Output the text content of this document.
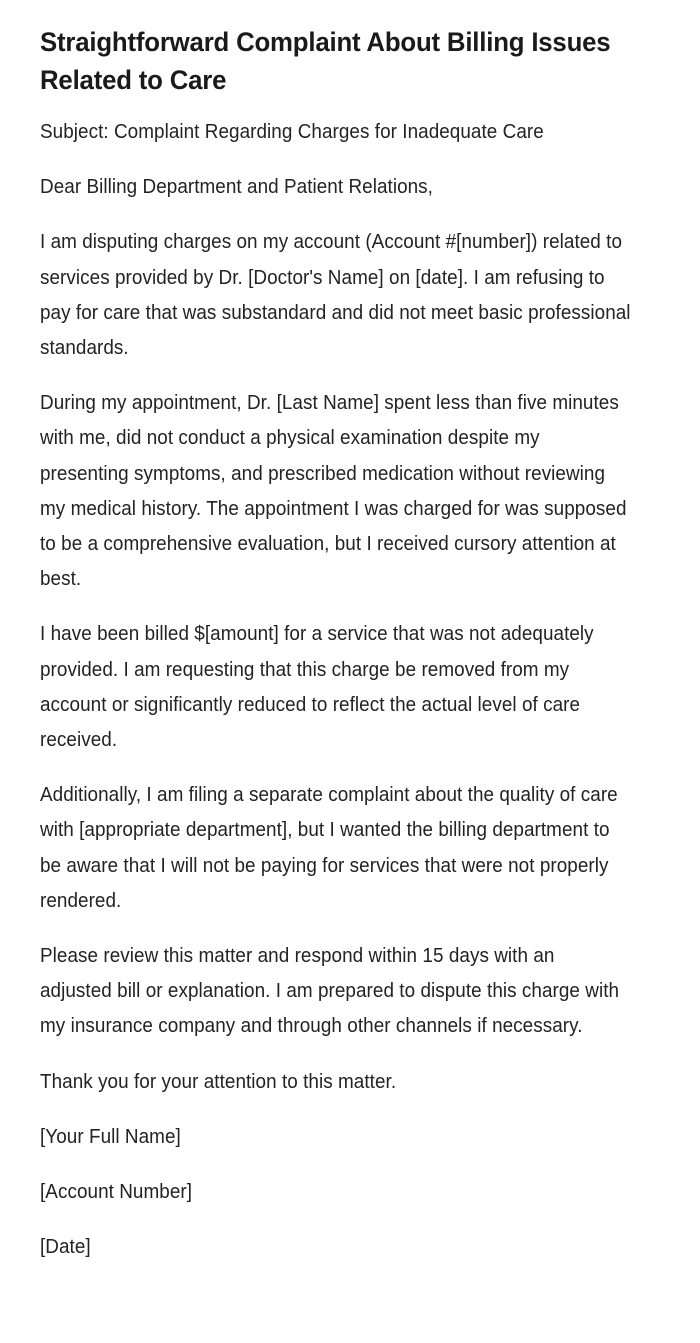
Straightforward Complaint About Billing Issues Related to Care

Subject: Complaint Regarding Charges for Inadequate Care

Dear Billing Department and Patient Relations,

I am disputing charges on my account (Account #[number]) related to services provided by Dr. [Doctor's Name] on [date]. I am refusing to pay for care that was substandard and did not meet basic professional standards.

During my appointment, Dr. [Last Name] spent less than five minutes with me, did not conduct a physical examination despite my presenting symptoms, and prescribed medication without reviewing my medical history. The appointment I was charged for was supposed to be a comprehensive evaluation, but I received cursory attention at best.

I have been billed $[amount] for a service that was not adequately provided. I am requesting that this charge be removed from my account or significantly reduced to reflect the actual level of care received.

Additionally, I am filing a separate complaint about the quality of care with [appropriate department], but I wanted the billing department to be aware that I will not be paying for services that were not properly rendered.

Please review this matter and respond within 15 days with an adjusted bill or explanation. I am prepared to dispute this charge with my insurance company and through other channels if necessary.

Thank you for your attention to this matter.

[Your Full Name]

[Account Number]

[Date]
